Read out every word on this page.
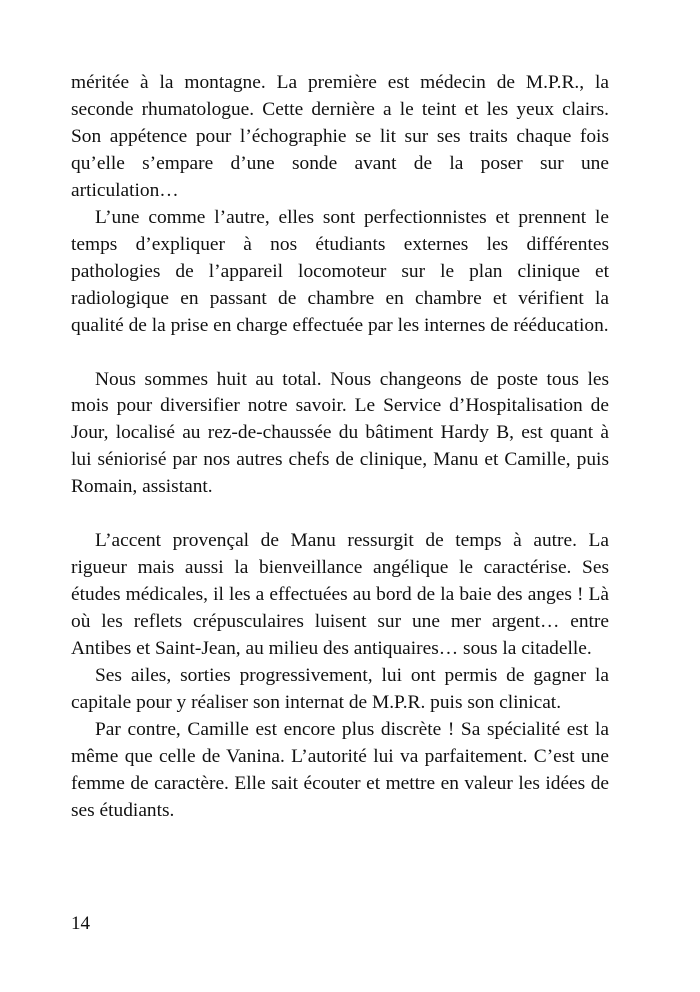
méritée à la montagne. La première est médecin de M.P.R., la seconde rhumatologue. Cette dernière a le teint et les yeux clairs. Son appétence pour l’échographie se lit sur ses traits chaque fois qu’elle s’empare d’une sonde avant de la poser sur une articulation…

L’une comme l’autre, elles sont perfectionnistes et prennent le temps d’expliquer à nos étudiants externes les différentes pathologies de l’appareil locomoteur sur le plan clinique et radiologique en passant de chambre en chambre et vérifient la qualité de la prise en charge effectuée par les internes de rééducation.

Nous sommes huit au total. Nous changeons de poste tous les mois pour diversifier notre savoir. Le Service d’Hospitalisation de Jour, localisé au rez-de-chaussée du bâtiment Hardy B, est quant à lui séniorisé par nos autres chefs de clinique, Manu et Camille, puis Romain, assistant.

L’accent provençal de Manu ressurgit de temps à autre. La rigueur mais aussi la bienveillance angélique le caractérise. Ses études médicales, il les a effectuées au bord de la baie des anges ! Là où les reflets crépusculaires luisent sur une mer argent… entre Antibes et Saint-Jean, au milieu des antiquaires… sous la citadelle.

Ses ailes, sorties progressivement, lui ont permis de gagner la capitale pour y réaliser son internat de M.P.R. puis son clinicat.

Par contre, Camille est encore plus discrète ! Sa spécialité est la même que celle de Vanina. L’autorité lui va parfaitement. C’est une femme de caractère. Elle sait écouter et mettre en valeur les idées de ses étudiants.

14
